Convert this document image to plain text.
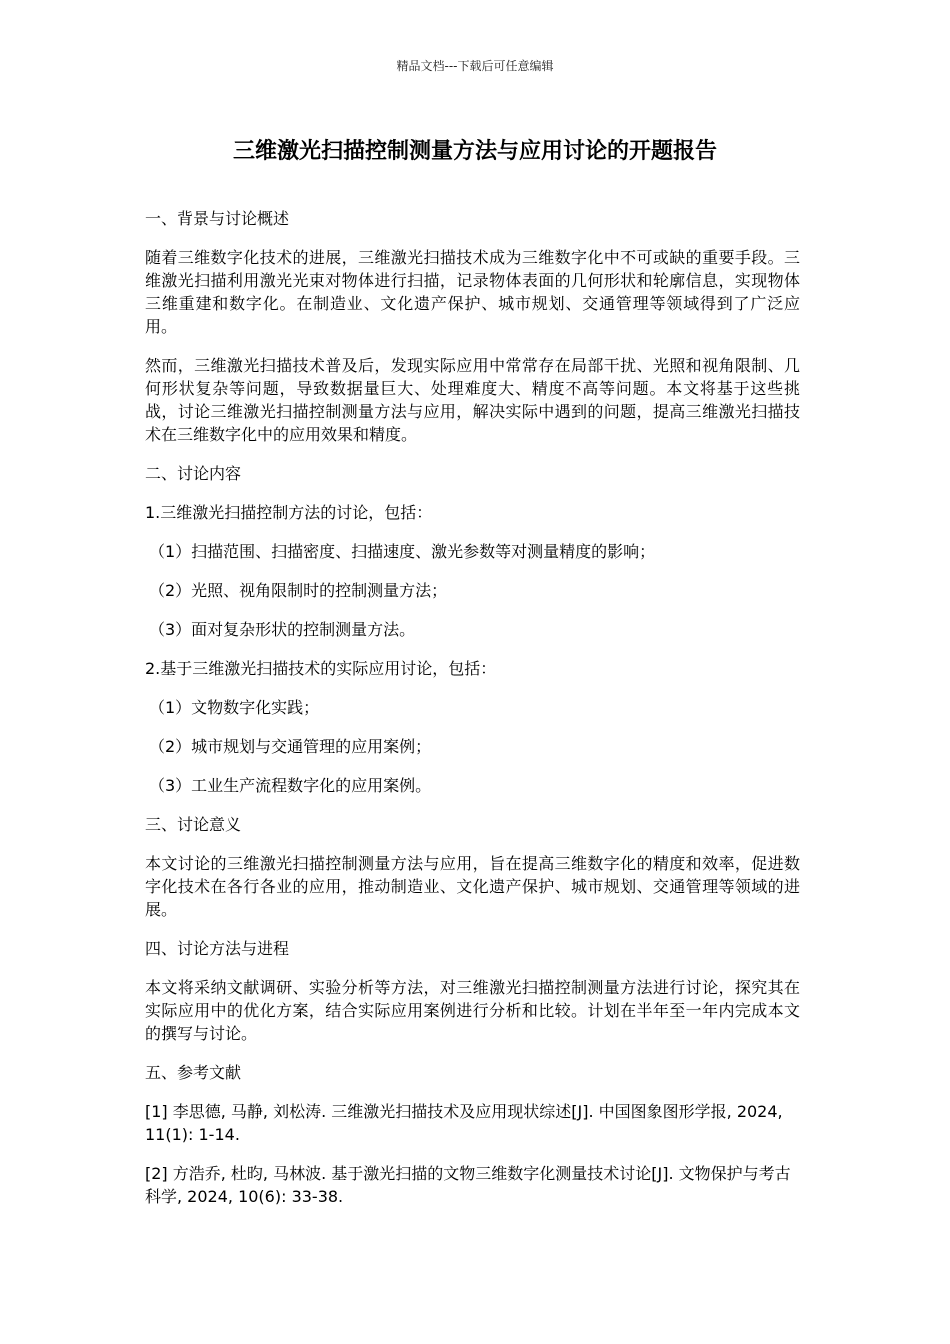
精品文档---下载后可任意编辑
三维激光扫描控制测量方法与应用讨论的开题报告
一、背景与讨论概述
随着三维数字化技术的进展，三维激光扫描技术成为三维数字化中不可或缺的重要手段。三维激光扫描利用激光光束对物体进行扫描，记录物体表面的几何形状和轮廓信息，实现物体三维重建和数字化。在制造业、文化遗产保护、城市规划、交通管理等领域得到了广泛应用。
然而，三维激光扫描技术普及后，发现实际应用中常常存在局部干扰、光照和视角限制、几何形状复杂等问题，导致数据量巨大、处理难度大、精度不高等问题。本文将基于这些挑战，讨论三维激光扫描控制测量方法与应用，解决实际中遇到的问题，提高三维激光扫描技术在三维数字化中的应用效果和精度。
二、讨论内容
1.三维激光扫描控制方法的讨论，包括：
（1）扫描范围、扫描密度、扫描速度、激光参数等对测量精度的影响；
（2）光照、视角限制时的控制测量方法；
（3）面对复杂形状的控制测量方法。
2.基于三维激光扫描技术的实际应用讨论，包括：
（1）文物数字化实践；
（2）城市规划与交通管理的应用案例；
（3）工业生产流程数字化的应用案例。
三、讨论意义
本文讨论的三维激光扫描控制测量方法与应用，旨在提高三维数字化的精度和效率，促进数字化技术在各行各业的应用，推动制造业、文化遗产保护、城市规划、交通管理等领域的进展。
四、讨论方法与进程
本文将采纳文献调研、实验分析等方法，对三维激光扫描控制测量方法进行讨论，探究其在实际应用中的优化方案，结合实际应用案例进行分析和比较。计划在半年至一年内完成本文的撰写与讨论。
五、参考文献
[1] 李思德, 马静, 刘松涛. 三维激光扫描技术及应用现状综述[J]. 中国图象图形学报, 2024, 11(1): 1-14.
[2] 方浩乔, 杜昀, 马林波. 基于激光扫描的文物三维数字化测量技术讨论[J]. 文物保护与考古科学, 2024, 10(6): 33-38.
